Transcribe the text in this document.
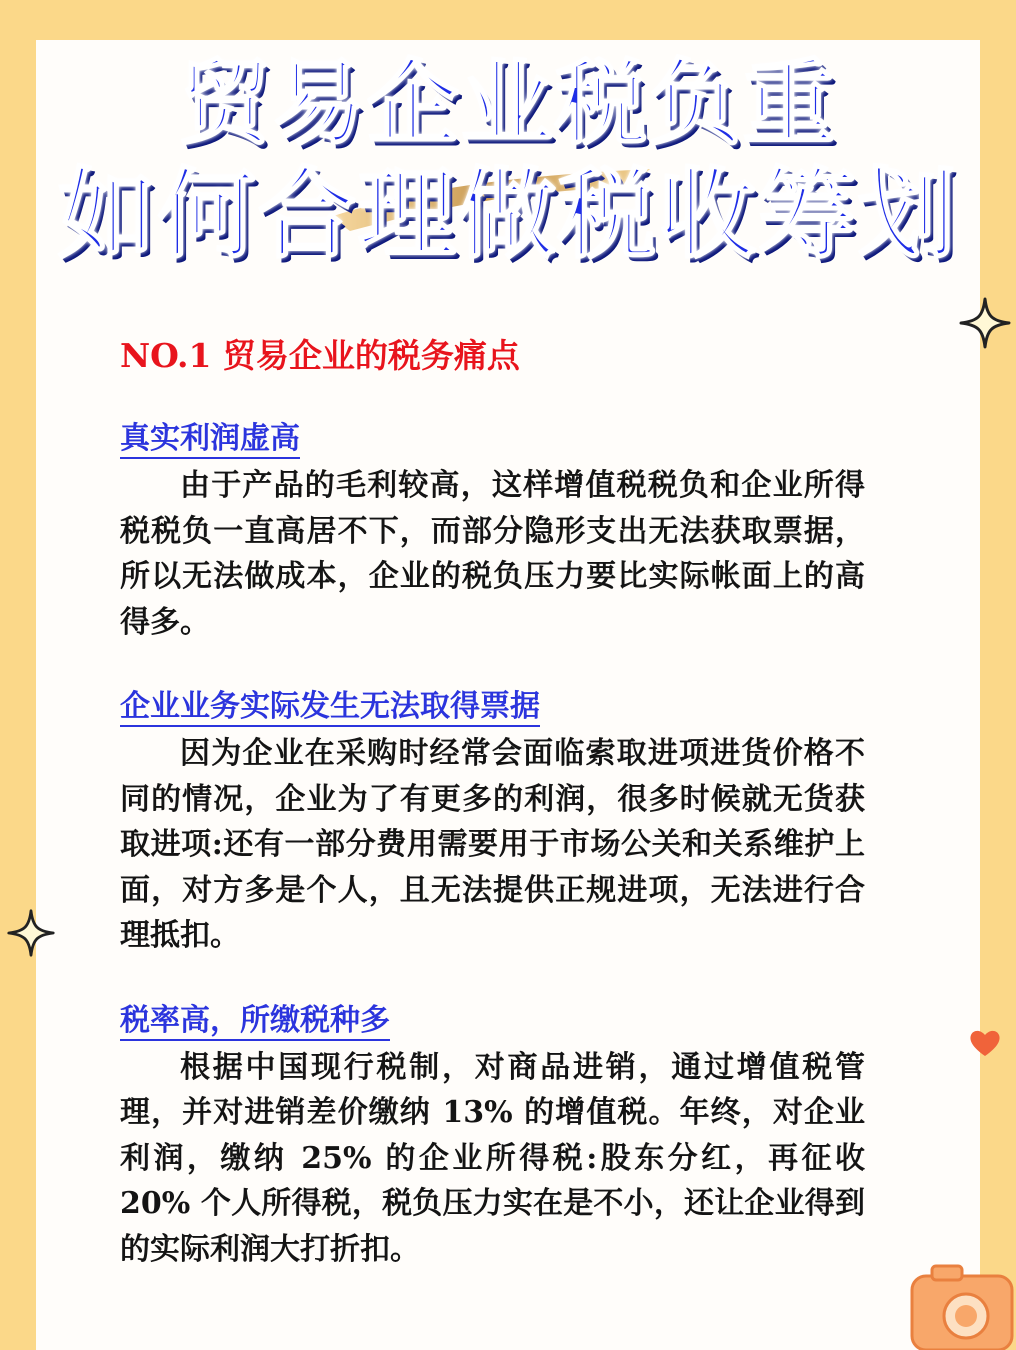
贸易企业税负重
如何合理做税收筹划
NO.1 贸易企业的税务痛点
真实利润虚高

由于产品的毛利较高，这样增值税税负和企业所得税税负一直高居不下，而部分隐形支出无法获取票据，所以无法做成本，企业的税负压力要比实际帐面上的高得多。

企业业务实际发生无法取得票据

因为企业在采购时经常会面临索取进项进货价格不同的情况，企业为了有更多的利润，很多时候就无货获取进项:还有一部分费用需要用于市场公关和关系维护上面，对方多是个人，且无法提供正规进项，无法进行合理抵扣。

税率高，所缴税种多

根据中国现行税制，对商品进销，通过增值税管理，并对进销差价缴纳 13% 的增值税。年终，对企业利润，缴纳 25% 的企业所得税:股东分红，再征收 20% 个人所得税，税负压力实在是不小，还让企业得到的实际利润大打折扣。
